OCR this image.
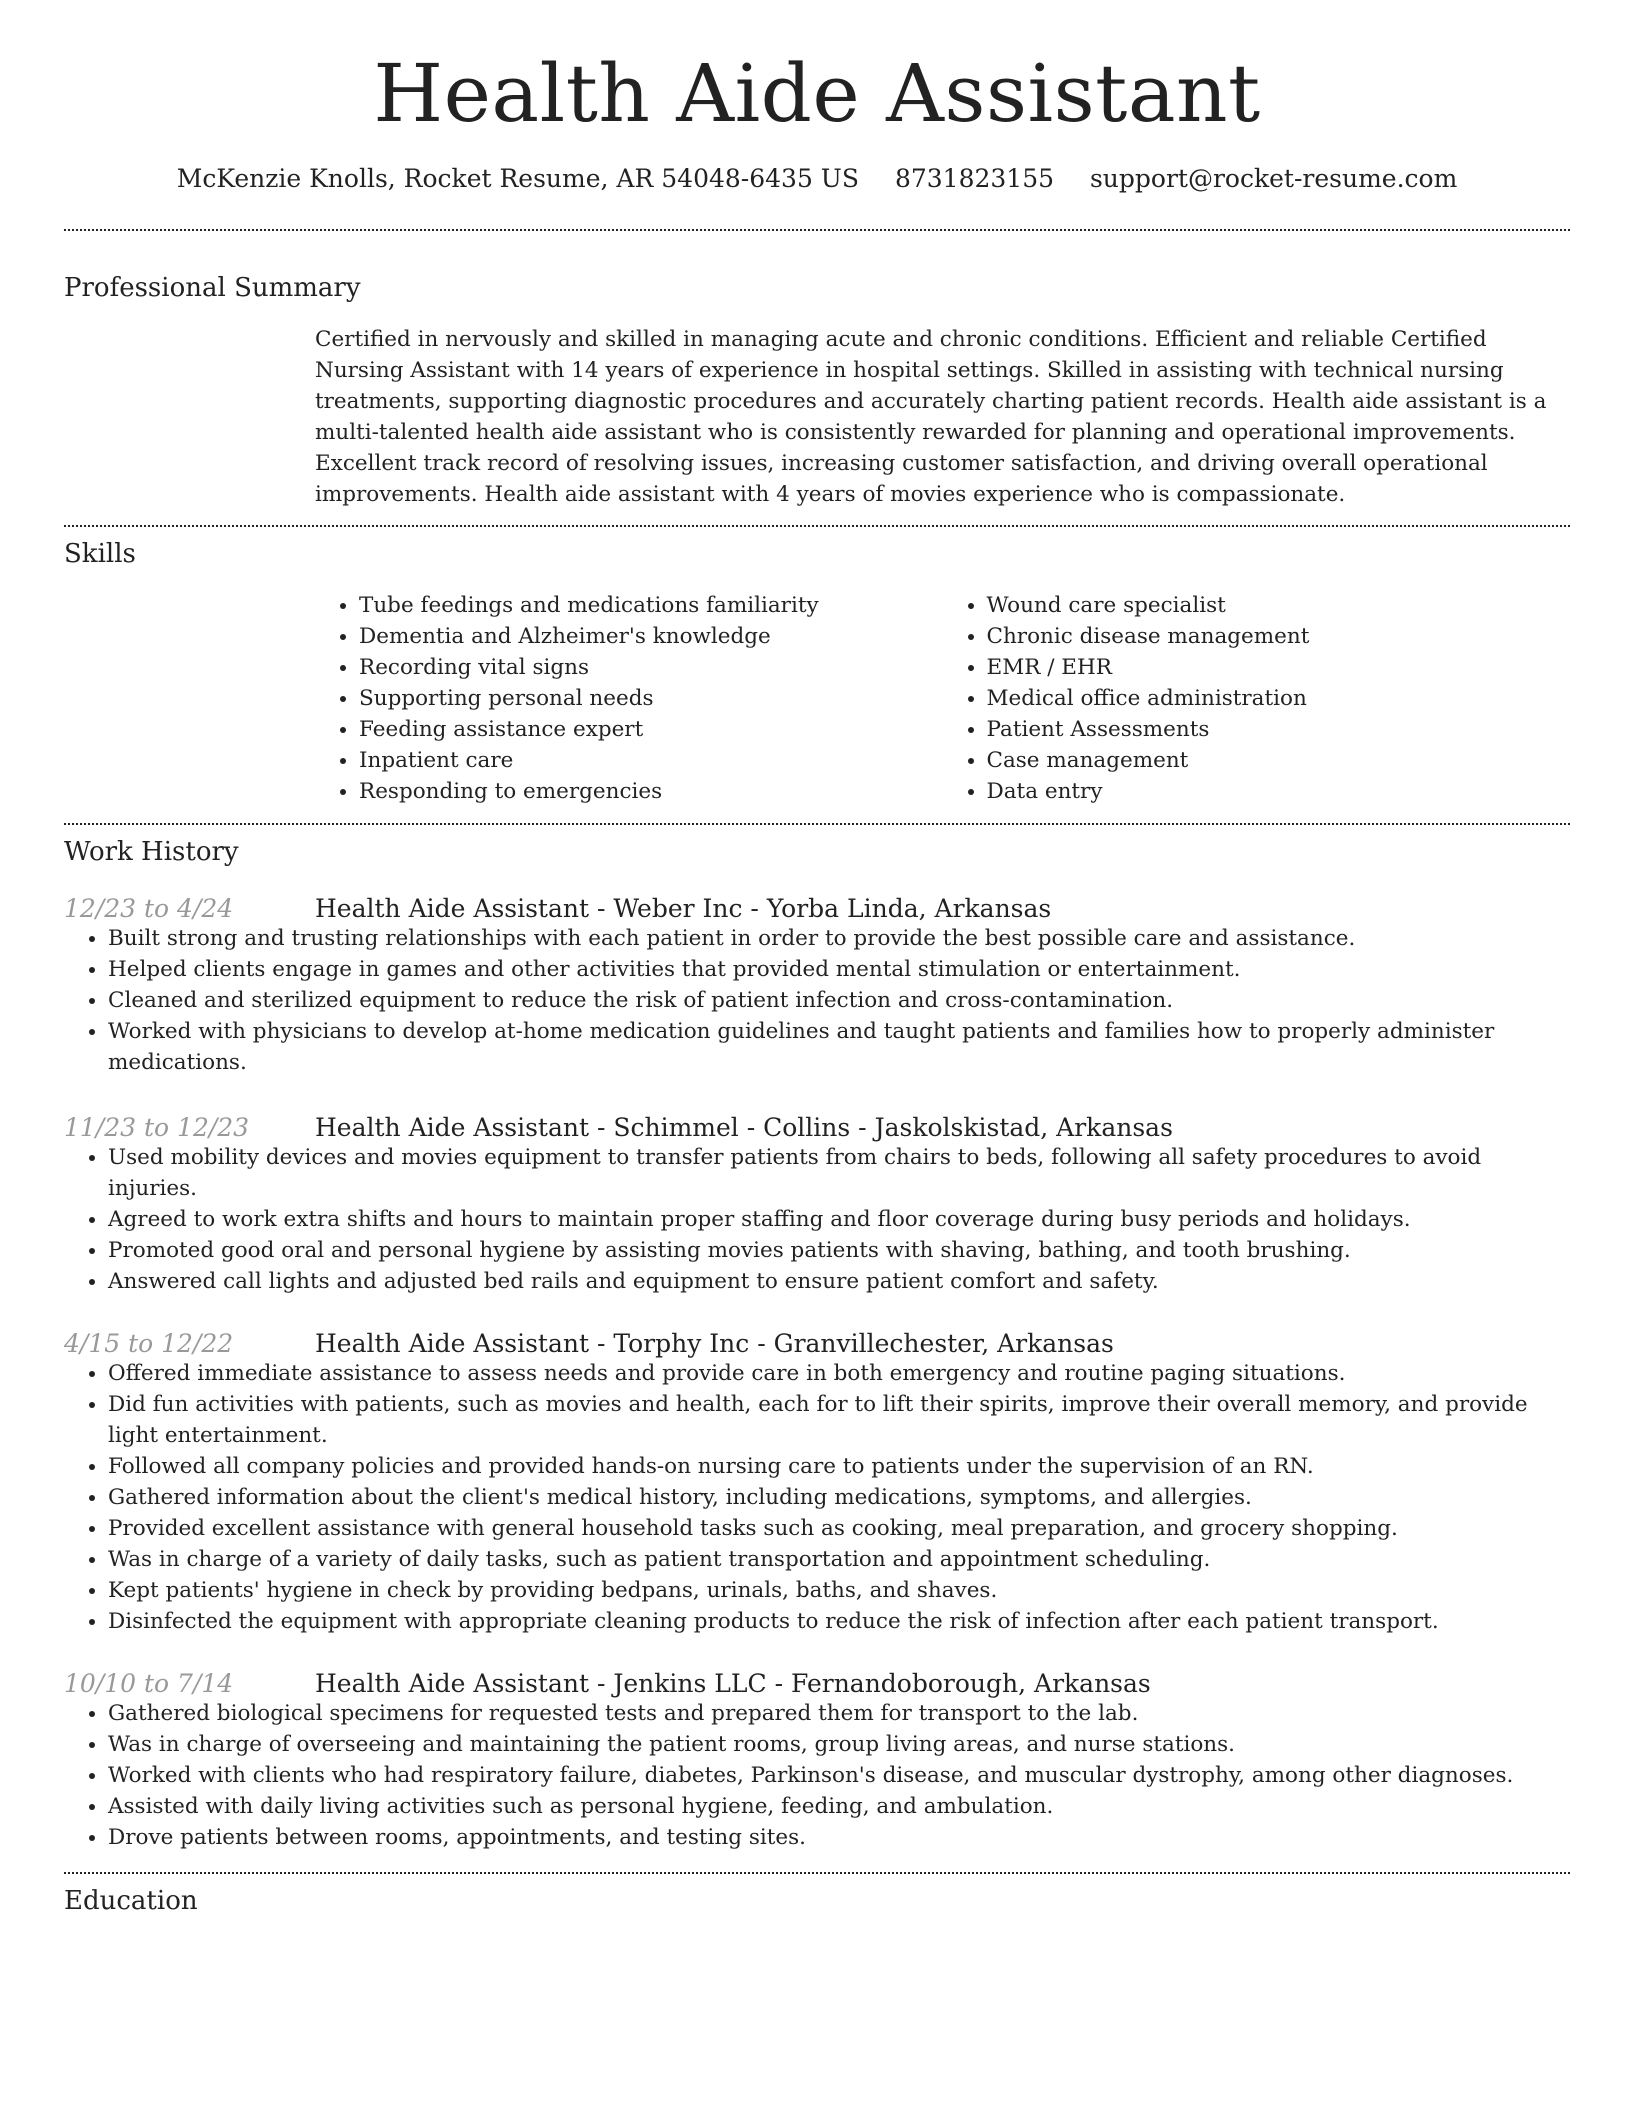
Health Aide Assistant
McKenzie Knolls, Rocket Resume, AR 54048-6435 US 8731823155 support@rocket-resume.com
Professional Summary
Certified in nervously and skilled in managing acute and chronic conditions. Efficient and reliable Certified Nursing Assistant with 14 years of experience in hospital settings. Skilled in assisting with technical nursing treatments, supporting diagnostic procedures and accurately charting patient records. Health aide assistant is a multi-talented health aide assistant who is consistently rewarded for planning and operational improvements. Excellent track record of resolving issues, increasing customer satisfaction, and driving overall operational improvements. Health aide assistant with 4 years of movies experience who is compassionate.
Skills
• Tube feedings and medications familiarity
• Dementia and Alzheimer's knowledge
• Recording vital signs
• Supporting personal needs
• Feeding assistance expert
• Inpatient care
• Responding to emergencies
• Wound care specialist
• Chronic disease management
• EMR / EHR
• Medical office administration
• Patient Assessments
• Case management
• Data entry
Work History
12/23 to 4/24	Health Aide Assistant - Weber Inc - Yorba Linda, Arkansas
• Built strong and trusting relationships with each patient in order to provide the best possible care and assistance.
• Helped clients engage in games and other activities that provided mental stimulation or entertainment.
• Cleaned and sterilized equipment to reduce the risk of patient infection and cross-contamination.
• Worked with physicians to develop at-home medication guidelines and taught patients and families how to properly administer medications.
11/23 to 12/23	Health Aide Assistant - Schimmel - Collins - Jaskolskistad, Arkansas
• Used mobility devices and movies equipment to transfer patients from chairs to beds, following all safety procedures to avoid injuries.
• Agreed to work extra shifts and hours to maintain proper staffing and floor coverage during busy periods and holidays.
• Promoted good oral and personal hygiene by assisting movies patients with shaving, bathing, and tooth brushing.
• Answered call lights and adjusted bed rails and equipment to ensure patient comfort and safety.
4/15 to 12/22	Health Aide Assistant - Torphy Inc - Granvillechester, Arkansas
• Offered immediate assistance to assess needs and provide care in both emergency and routine paging situations.
• Did fun activities with patients, such as movies and health, each for to lift their spirits, improve their overall memory, and provide light entertainment.
• Followed all company policies and provided hands-on nursing care to patients under the supervision of an RN.
• Gathered information about the client's medical history, including medications, symptoms, and allergies.
• Provided excellent assistance with general household tasks such as cooking, meal preparation, and grocery shopping.
• Was in charge of a variety of daily tasks, such as patient transportation and appointment scheduling.
• Kept patients' hygiene in check by providing bedpans, urinals, baths, and shaves.
• Disinfected the equipment with appropriate cleaning products to reduce the risk of infection after each patient transport.
10/10 to 7/14	Health Aide Assistant - Jenkins LLC - Fernandoborough, Arkansas
• Gathered biological specimens for requested tests and prepared them for transport to the lab.
• Was in charge of overseeing and maintaining the patient rooms, group living areas, and nurse stations.
• Worked with clients who had respiratory failure, diabetes, Parkinson's disease, and muscular dystrophy, among other diagnoses.
• Assisted with daily living activities such as personal hygiene, feeding, and ambulation.
• Drove patients between rooms, appointments, and testing sites.
Education
